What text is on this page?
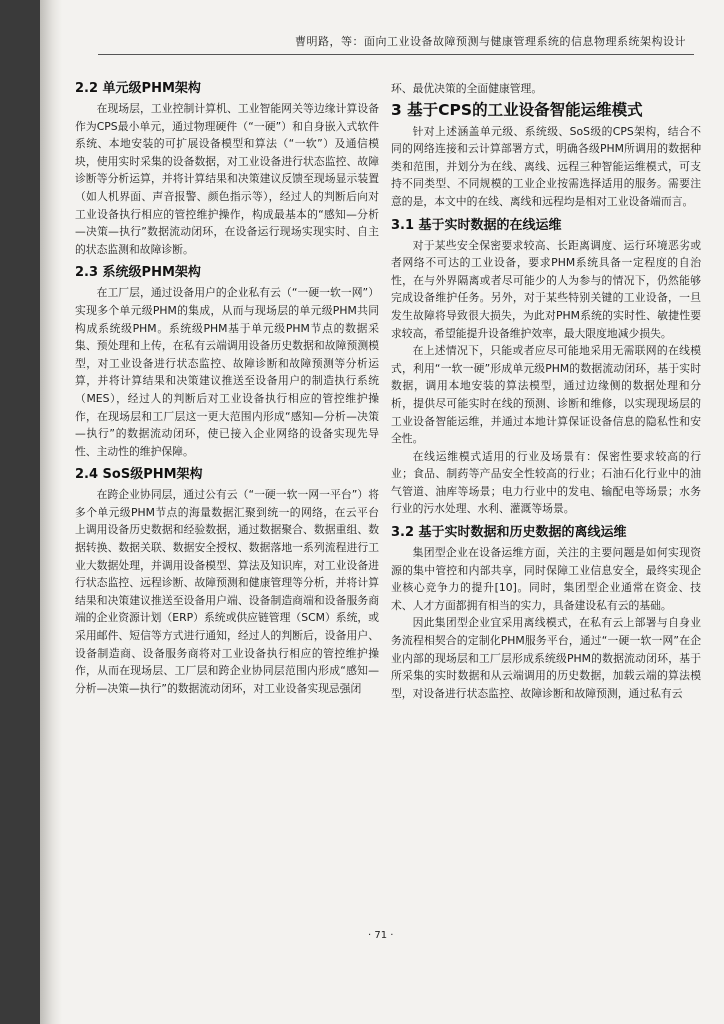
曹明路，等：面向工业设备故障预测与健康管理系统的信息物理系统架构设计
2.2 单元级PHM架构

在现场层，工业控制计算机、工业智能网关等边缘计算设备作为CPS最小单元，通过物理硬件（“一硬”）和自身嵌入式软件系统、本地安装的可扩展设备模型和算法（“一软”）及通信模块，使用实时采集的设备数据，对工业设备进行状态监控、故障诊断等分析运算，并将计算结果和决策建议反馈至现场显示装置（如人机界面、声音报警、颜色指示等），经过人的判断后向对工业设备执行相应的管控维护操作，构成最基本的“感知—分析—决策—执行”数据流动闭环，在设备运行现场实现实时、自主的状态监测和故障诊断。

2.3 系统级PHM架构

在工厂层，通过设备用户的企业私有云（“一硬一软一网”）实现多个单元级PHM的集成，从而与现场层的单元级PHM共同构成系统级PHM。系统级PHM基于单元级PHM节点的数据采集、预处理和上传，在私有云端调用设备历史数据和故障预测模型，对工业设备进行状态监控、故障诊断和故障预测等分析运算，并将计算结果和决策建议推送至设备用户的制造执行系统（MES），经过人的判断后对工业设备执行相应的管控维护操作，在现场层和工厂层这一更大范围内形成“感知—分析—决策—执行”的数据流动闭环，使已接入企业网络的设备实现先导性、主动性的维护保障。

2.4 SoS级PHM架构

在跨企业协同层，通过公有云（“一硬一软一网一平台”）将多个单元级PHM节点的海量数据汇聚到统一的网络，在云平台上调用设备历史数据和经验数据，通过数据聚合、数据重组、数据转换、数据关联、数据安全授权、数据落地一系列流程进行工业大数据处理，并调用设备模型、算法及知识库，对工业设备进行状态监控、远程诊断、故障预测和健康管理等分析，并将计算结果和决策建议推送至设备用户端、设备制造商端和设备服务商端的企业资源计划（ERP）系统或供应链管理（SCM）系统，或采用邮件、短信等方式进行通知，经过人的判断后，设备用户、设备制造商、设备服务商将对工业设备执行相应的管控维护操作，从而在现场层、工厂层和跨企业协同层范围内形成“感知—分析—决策—执行”的数据流动闭环，对工业设备实现忌强闭

环、最优决策的全面健康管理。

3 基于CPS的工业设备智能运维模式

针对上述涵盖单元级、系统级、SoS级的CPS架构，结合不同的网络连接和云计算部署方式，明确各级PHM所调用的数据种类和范围，并划分为在线、离线、远程三种智能运维模式，可支持不同类型、不同规模的工业企业按需选择适用的服务。需要注意的是，本文中的在线、离线和远程均是相对工业设备端而言。

3.1 基于实时数据的在线运维

对于某些安全保密要求较高、长距离调度、运行环境恶劣或者网络不可达的工业设备，要求PHM系统具备一定程度的自治性，在与外界隔离或者尽可能少的人为参与的情况下，仍然能够完成设备维护任务。另外，对于某些特别关键的工业设备，一旦发生故障将导致很大损失，为此对PHM系统的实时性、敏捷性要求较高，希望能提升设备维护效率，最大限度地减少损失。

在上述情况下，只能或者应尽可能地采用无需联网的在线模式，利用“一软一硬”形成单元级PHM的数据流动闭环，基于实时数据，调用本地安装的算法模型，通过边缘侧的数据处理和分析，提供尽可能实时在线的预测、诊断和维修，以实现现场层的工业设备智能运维，并通过本地计算保证设备信息的隐私性和安全性。

在线运维模式适用的行业及场景有：保密性要求较高的行业；食品、制药等产品安全性较高的行业；石油石化行业中的油气管道、油库等场景；电力行业中的发电、输配电等场景；水务行业的污水处理、水利、灌溉等场景。

3.2 基于实时数据和历史数据的离线运维

集团型企业在设备运维方面，关注的主要问题是如何实现资源的集中管控和内部共享，同时保障工业信息安全，最终实现企业核心竞争力的提升[10]。同时，集团型企业通常在资金、技术、人才方面都拥有相当的实力，具备建设私有云的基础。

因此集团型企业宜采用离线模式，在私有云上部署与自身业务流程相契合的定制化PHM服务平台，通过“一硬一软一网”在企业内部的现场层和工厂层形成系统级PHM的数据流动闭环，基于所采集的实时数据和从云端调用的历史数据，加载云端的算法模型，对设备进行状态监控、故障诊断和故障预测，通过私有云

· 71 ·
